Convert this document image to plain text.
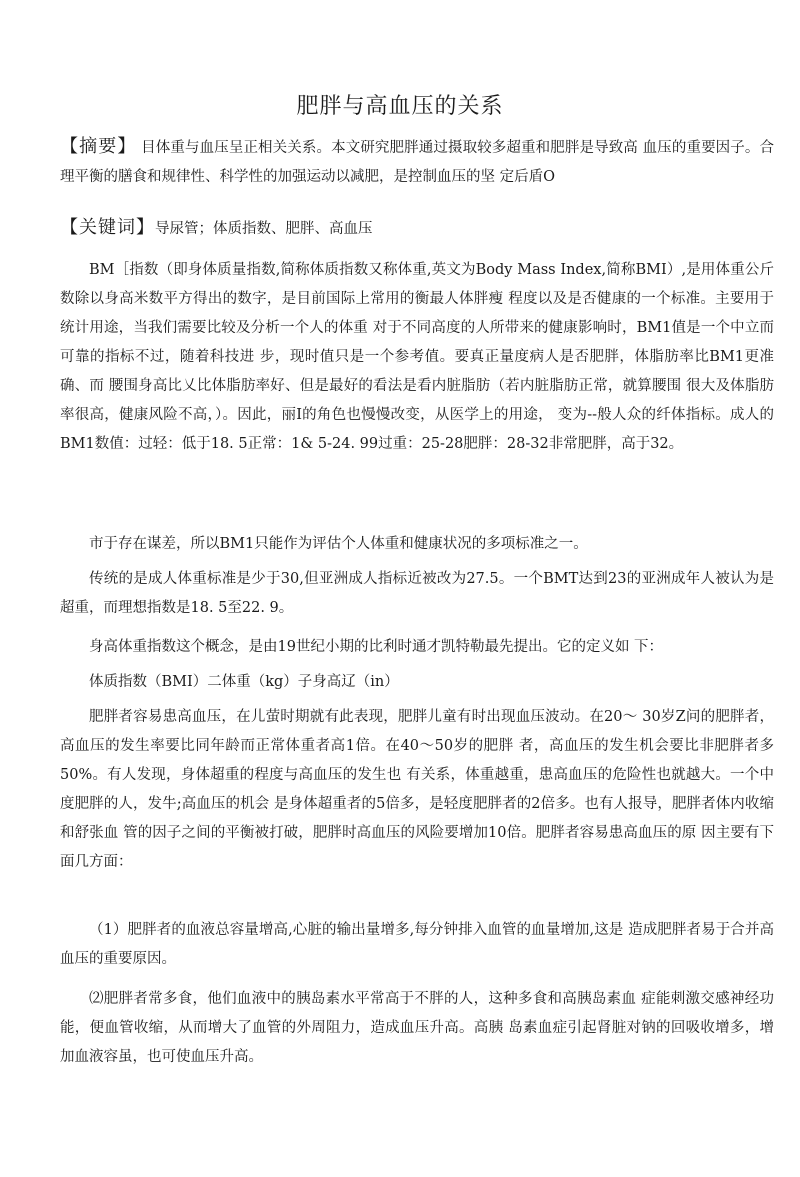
肥胖与高血压的关系

【摘要】 目体重与血压呈正相关关系。本文研究肥胖通过摄取较多超重和肥胖是导致高 血压的重要因子。合理平衡的膳食和规律性、科学性的加强运动以减肥，是控制血压的坚 定后盾O

【关键词】导尿管；体质指数、肥胖、高血压

BM［指数（即身体质量指数,简称体质指数又称体重,英文为Body Mass Index,简称BMI）,是用体重公斤数除以身高米数平方得出的数字，是目前国际上常用的衡最人体胖瘦 程度以及是否健康的一个标准。主要用于统计用途，当我们需要比较及分析一个人的体重 对于不同高度的人所带来的健康影响时，BM1值是一个中立而可靠的指标不过，随着科技进 步，现时值只是一个参考值。要真正量度病人是否肥胖，体脂肪率比BM1更准确、而 腰围身高比乂比体脂肪率好、但是最好的看法是看内脏脂肪（若内脏脂肪正常，就算腰围 很大及体脂肪率很高，健康风险不高，）。因此，丽I的角色也慢慢改变，从医学上的用途， 变为--般人众的纤体指标。成人的BM1数值：过轻：低于18. 5正常：1& 5-24. 99过重：25-28肥胖：28-32非常肥胖，高于32。

市于存在谋差，所以BM1只能作为评估个人体重和健康状况的多项标准之一。

传统的是成人体重标准是少于30,但亚洲成人指标近被改为27.5。一个BMT达到23的亚洲成年人被认为是超重，而理想指数是18. 5至22. 9。

身高体重指数这个概念，是由19世纪小期的比利时通才凯特勒最先提出。它的定义如 下：

体质指数（BMI）二体重（kg）子身高辽（in）

肥胖者容易患高血压，在儿萤时期就有此表现，肥胖儿童有时出现血压波动。在20～ 30岁Z问的肥胖者，高血压的发生率要比同年龄而正常体重者高1倍。在40～50岁的肥胖 者，高血压的发生机会要比非肥胖者多50%。有人发现，身体超重的程度与高血压的发生也 有关系，体重越重，患高血压的危险性也就越大。一个中度肥胖的人，发牛;高血压的机会 是身体超重者的5倍多，是轻度肥胖者的2倍多。也有人报导，肥胖者体内收缩和舒张血 管的因子之间的平衡被打破，肥胖时高血压的风险要增加10倍。肥胖者容易患高血压的原 因主要有下面几方面：

（1）肥胖者的血液总容量增高,心脏的输出量增多,每分钟排入血管的血量增加,这是 造成肥胖者易于合并高血压的重要原因。

⑵肥胖者常多食，他们血液中的胰岛素水平常高于不胖的人，这种多食和高胰岛素血 症能刺激交感神经功能，便血管收缩，从而增大了血管的外周阻力，造成血压升高。高胰 岛素血症引起肾脏对钠的回吸收增多，增加血液容虽，也可使血压升高。
